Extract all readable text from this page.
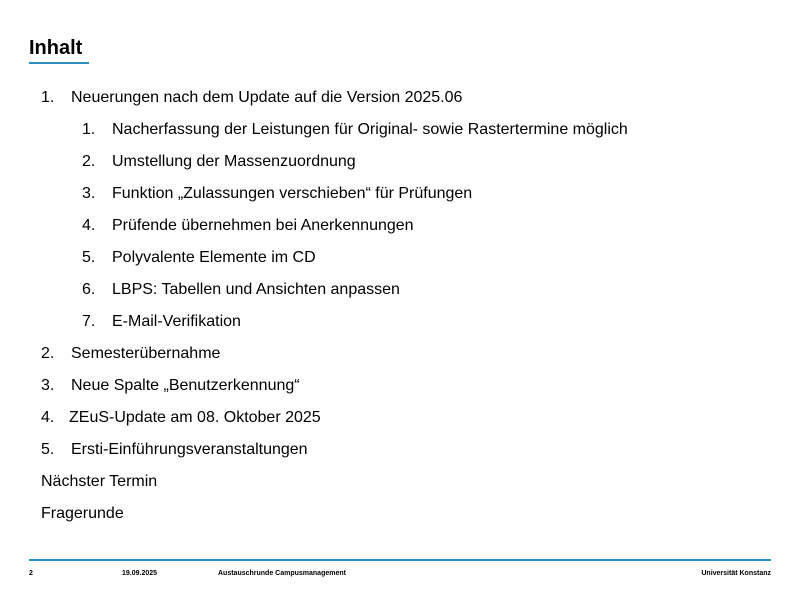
Inhalt
1. Neuerungen nach dem Update auf die Version 2025.06
1. Nacherfassung der Leistungen für Original- sowie Rastertermine möglich
2. Umstellung der Massenzuordnung
3. Funktion „Zulassungen verschieben“ für Prüfungen
4. Prüfende übernehmen bei Anerkennungen
5. Polyvalente Elemente im CD
6. LBPS: Tabellen und Ansichten anpassen
7. E-Mail-Verifikation
2. Semesterübernahme
3. Neue Spalte „Benutzerkennung“
4. ZEuS-Update am 08. Oktober 2025
5. Ersti-Einführungsveranstaltungen
Nächster Termin
Fragerunde
2	19.09.2025	Austauschrunde Campusmanagement	Universität Konstanz
